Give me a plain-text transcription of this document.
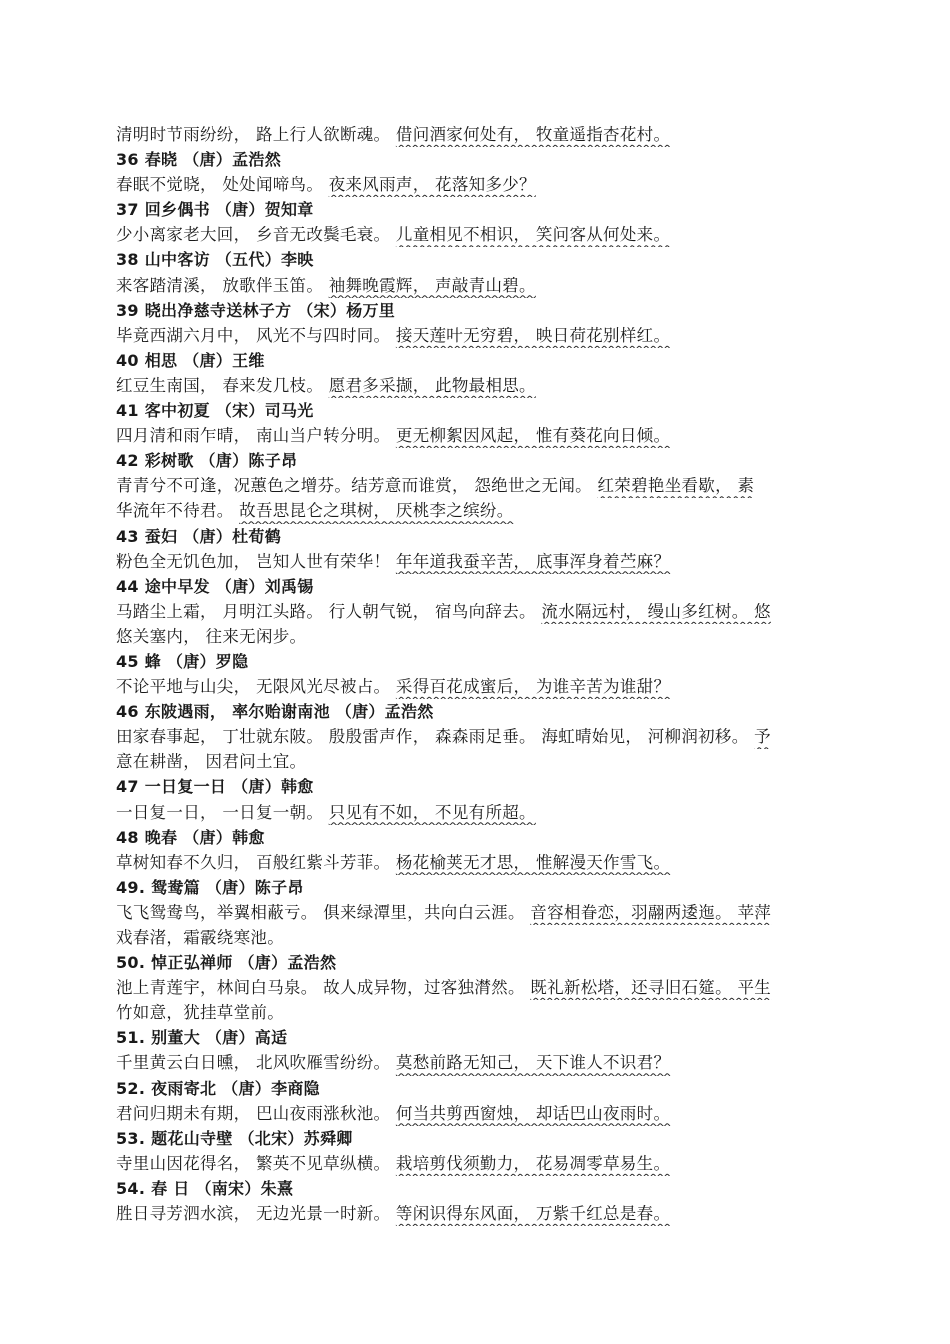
清明时节雨纷纷， 路上行人欲断魂。 借问酒家何处有， 牧童遥指杏花村。
36 春晓 （唐）孟浩然
春眠不觉晓， 处处闻啼鸟。 夜来风雨声， 花落知多少？
37 回乡偶书 （唐）贺知章
少小离家老大回， 乡音无改鬓毛衰。 儿童相见不相识， 笑问客从何处来。
38 山中客访 （五代）李映
来客踏清溪， 放歌伴玉笛。 袖舞晚霞辉， 声敲青山碧。
39 晓出净慈寺送林子方 （宋）杨万里
毕竟西湖六月中， 风光不与四时同。 接天莲叶无穷碧， 映日荷花别样红。
40 相思 （唐）王维
红豆生南国， 春来发几枝。 愿君多采撷， 此物最相思。
41 客中初夏 （宋）司马光
四月清和雨乍晴， 南山当户转分明。 更无柳絮因风起， 惟有葵花向日倾。
42 彩树歌 （唐）陈子昂
青青兮不可逢，况蕙色之增芬。结芳意而谁赏， 怨绝世之无闻。 红荣碧艳坐看歇， 素
华流年不待君。 故吾思昆仑之琪树， 厌桃李之缤纷。
43 蚕妇 （唐）杜荀鹤
粉色全无饥色加， 岂知人世有荣华！ 年年道我蚕辛苦， 底事浑身着苎麻？
44 途中早发 （唐）刘禹锡
马踏尘上霜， 月明江头路。 行人朝气锐， 宿鸟向辞去。 流水隔远村， 缦山多红树。 悠
悠关塞内， 往来无闲步。
45 蜂 （唐）罗隐
不论平地与山尖， 无限风光尽被占。 采得百花成蜜后， 为谁辛苦为谁甜？
46 东陂遇雨， 率尔贻谢南池 （唐）孟浩然
田家春事起， 丁壮就东陂。 殷殷雷声作， 森森雨足垂。 海虹晴始见， 河柳润初移。 予
意在耕凿， 因君问土宜。
47 一日复一日 （唐）韩愈
一日复一日， 一日复一朝。 只见有不如， 不见有所超。
48 晚春 （唐）韩愈
草树知春不久归， 百般红紫斗芳菲。 杨花榆荚无才思， 惟解漫天作雪飞。
49. 鸳鸯篇 （唐）陈子昂
飞飞鸳鸯鸟，举翼相蔽亏。 俱来绿潭里，共向白云涯。 音容相眷恋，羽翮两逶迤。 苹萍
戏春渚，霜霰绕寒池。
50. 悼正弘禅师 （唐）孟浩然
池上青莲宇，林间白马泉。 故人成异物，过客独潸然。 既礼新松塔，还寻旧石筵。 平生
竹如意，犹挂草堂前。
51. 别董大 （唐）高适
千里黄云白日曛， 北风吹雁雪纷纷。 莫愁前路无知己， 天下谁人不识君？
52. 夜雨寄北 （唐）李商隐
君问归期未有期， 巴山夜雨涨秋池。 何当共剪西窗烛， 却话巴山夜雨时。
53. 题花山寺壁 （北宋）苏舜卿
寺里山因花得名， 繁英不见草纵横。 栽培剪伐须勤力， 花易凋零草易生。
54. 春 日 （南宋）朱熹
胜日寻芳泗水滨， 无边光景一时新。 等闲识得东风面， 万紫千红总是春。
